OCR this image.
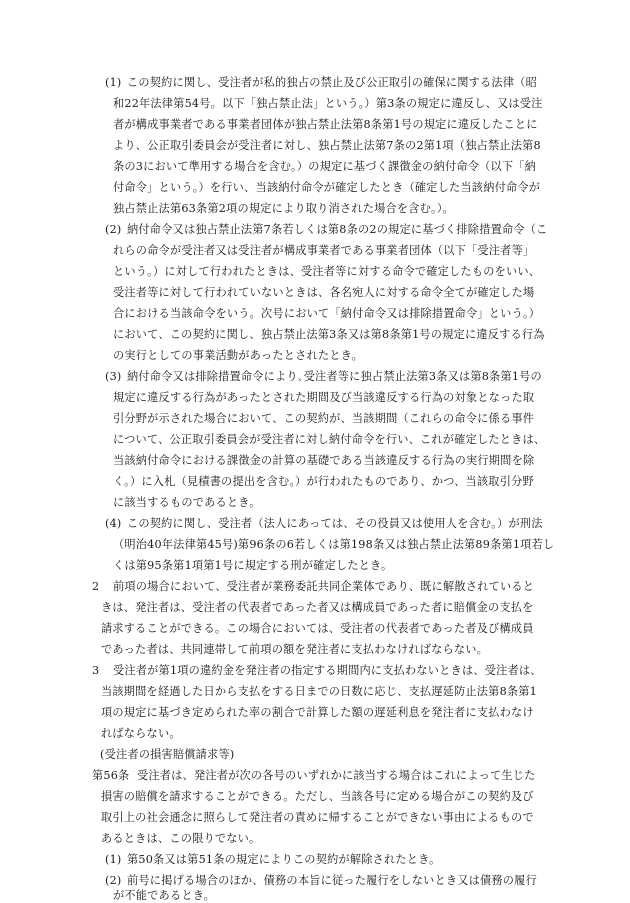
(1) この契約に関し、受注者が私的独占の禁止及び公正取引の確保に関する法律（昭
和22年法律第54号。以下「独占禁止法」という。）第3条の規定に違反し、又は受注
者が構成事業者である事業者団体が独占禁止法第8条第1号の規定に違反したことに
より、公正取引委員会が受注者に対し、独占禁止法第7条の2第1項（独占禁止法第8
条の3において準用する場合を含む。）の規定に基づく課徴金の納付命令（以下「納
付命令」という。）を行い、当該納付命令が確定したとき（確定した当該納付命令が
独占禁止法第63条第2項の規定により取り消された場合を含む。）。
(2) 納付命令又は独占禁止法第7条若しくは第8条の2の規定に基づく排除措置命令（こ
れらの命令が受注者又は受注者が構成事業者である事業者団体（以下「受注者等」
という。）に対して行われたときは、受注者等に対する命令で確定したものをいい、
受注者等に対して行われていないときは、各名宛人に対する命令全てが確定した場
合における当該命令をいう。次号において「納付命令又は排除措置命令」という。）
において、この契約に関し、独占禁止法第3条又は第8条第1号の規定に違反する行為
の実行としての事業活動があったとされたとき。
(3) 納付命令又は排除措置命令により､受注者等に独占禁止法第3条又は第8条第1号の
規定に違反する行為があったとされた期間及び当該違反する行為の対象となった取
引分野が示された場合において、この契約が、当該期間（これらの命令に係る事件
について、公正取引委員会が受注者に対し納付命令を行い、これが確定したときは、
当該納付命令における課徴金の計算の基礎である当該違反する行為の実行期間を除
く。）に入札（見積書の提出を含む。）が行われたものであり、かつ、当該取引分野
に該当するものであるとき。
(4) この契約に関し、受注者（法人にあっては、その役員又は使用人を含む。）が刑法
（明治40年法律第45号)第96条の6若しくは第198条又は独占禁止法第89条第1項若し
くは第95条第1項第1号に規定する刑が確定したとき。
2 前項の場合において、受注者が業務委託共同企業体であり、既に解散されていると
きは、発注者は、受注者の代表者であった者又は構成員であった者に賠償金の支払を
請求することができる。この場合においては、受注者の代表者であった者及び構成員
であった者は、共同連帯して前項の額を発注者に支払わなければならない。
3 受注者が第1項の違約金を発注者の指定する期間内に支払わないときは、受注者は、
当該期間を経過した日から支払をする日までの日数に応じ、支払遅延防止法第8条第1
項の規定に基づき定められた率の割合で計算した額の遅延利息を発注者に支払わなけ
ればならない。
(受注者の損害賠償請求等)
第56条 受注者は、発注者が次の各号のいずれかに該当する場合はこれによって生じた
損害の賠償を請求することができる。ただし、当該各号に定める場合がこの契約及び
取引上の社会通念に照らして発注者の責めに帰することができない事由によるもので
あるときは、この限りでない。
(1) 第50条又は第51条の規定によりこの契約が解除されたとき。
(2) 前号に掲げる場合のほか、債務の本旨に従った履行をしないとき又は債務の履行
が不能であるとき。
